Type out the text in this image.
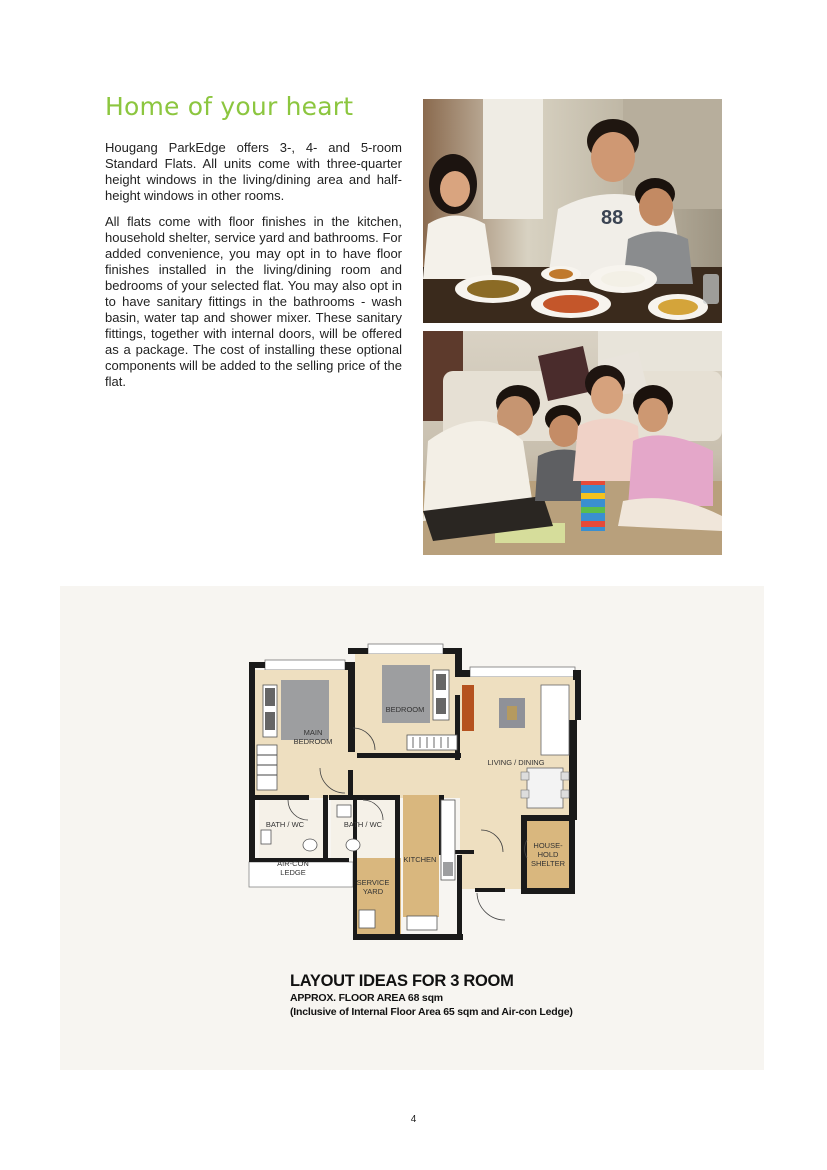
Home of your heart

Hougang ParkEdge offers 3-, 4- and 5-room Standard Flats. All units come with three-quarter height windows in the living/dining area and half-height windows in other rooms.

All flats come with floor finishes in the kitchen, household shelter, service yard and bathrooms. For added convenience, you may opt in to have floor finishes installed in the living/dining room and bedrooms of your selected flat. You may also opt in to have sanitary fittings in the bathrooms - wash basin, water tap and shower mixer. These sanitary fittings, together with internal doors, will be offered as a package. The cost of installing these optional components will be added to the selling price of the flat.

88
MAIN
BEDROOM
BEDROOM
LIVING / DINING
BATH / WC	BATH / WC
AIR-CON
LEDGE
KITCHEN
SERVICE
YARD
HOUSE-
HOLD
SHELTER

LAYOUT IDEAS FOR 3 ROOM

APPROX. FLOOR AREA 68 sqm

(Inclusive of Internal Floor Area 65 sqm and Air-con Ledge)

4
